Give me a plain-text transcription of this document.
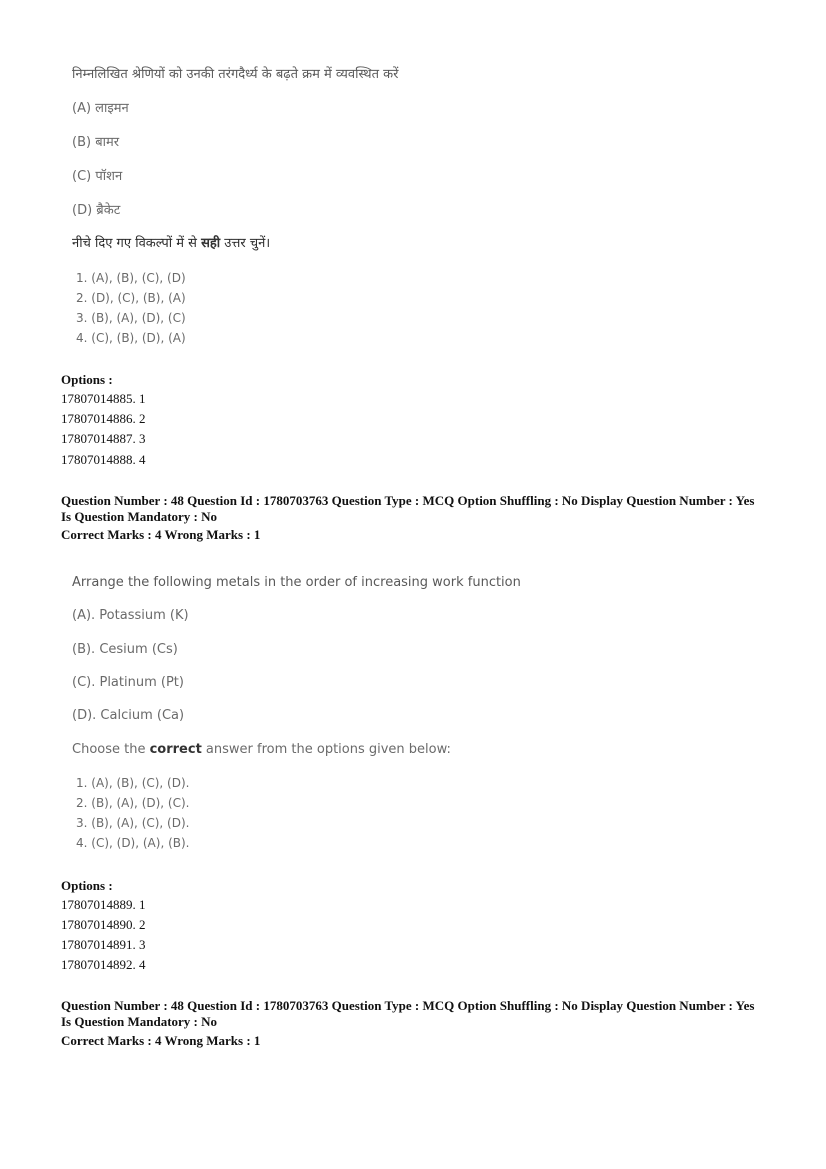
निम्नलिखित श्रेणियों को उनकी तरंगदैर्ध्य के बढ़ते क्रम में व्यवस्थित करें
(A) लाइमन
(B) बामर
(C) पॉशन
(D) ब्रैकेट
नीचे दिए गए विकल्पों में से सही उत्तर चुनें।
1. (A), (B), (C), (D)
2. (D), (C), (B), (A)
3. (B), (A), (D), (C)
4. (C), (B), (D), (A)
Options :
17807014885. 1
17807014886. 2
17807014887. 3
17807014888. 4
Question Number : 48 Question Id : 1780703763 Question Type : MCQ Option Shuffling : No Display Question Number : Yes
Is Question Mandatory : No
Correct Marks : 4 Wrong Marks : 1
Arrange the following metals in the order of increasing work function
(A). Potassium (K)
(B). Cesium (Cs)
(C). Platinum (Pt)
(D). Calcium (Ca)
Choose the correct answer from the options given below:
1. (A), (B), (C), (D).
2. (B), (A), (D), (C).
3. (B), (A), (C), (D).
4. (C), (D), (A), (B).
Options :
17807014889. 1
17807014890. 2
17807014891. 3
17807014892. 4
Question Number : 48 Question Id : 1780703763 Question Type : MCQ Option Shuffling : No Display Question Number : Yes
Is Question Mandatory : No
Correct Marks : 4 Wrong Marks : 1
